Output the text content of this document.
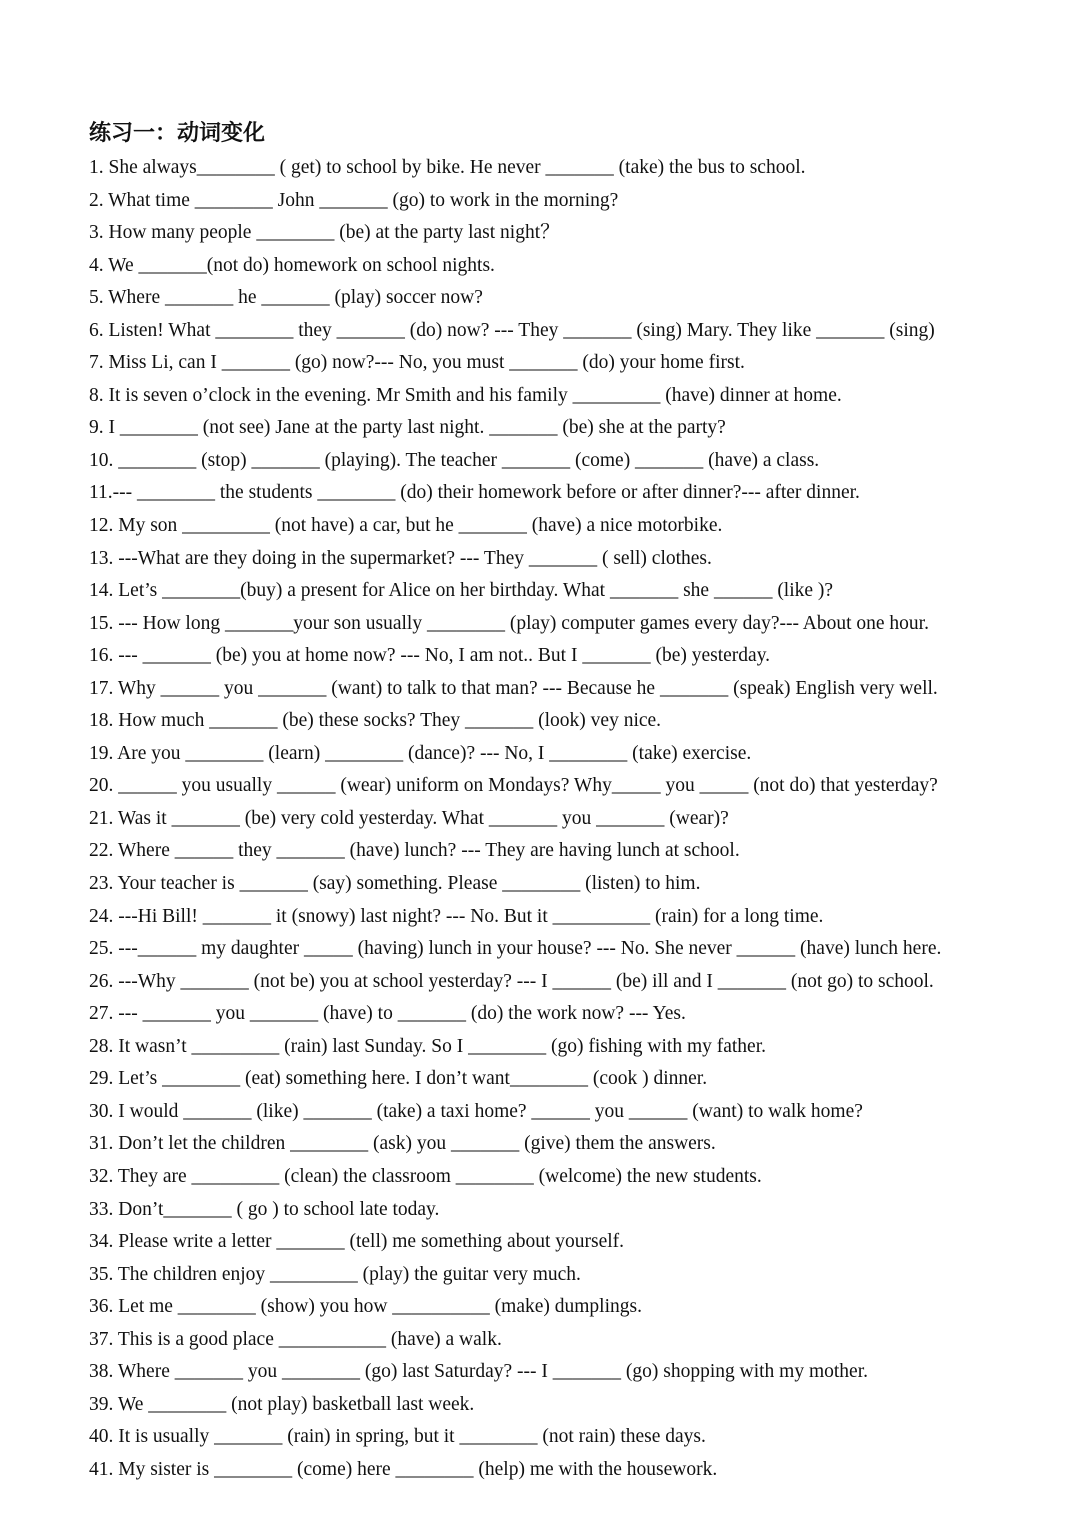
练习一：动词变化
1. She always________ ( get) to school by bike. He never _______ (take) the bus to school.
2. What time ________ John _______ (go) to work in the morning?
3. How many people ________ (be) at the party last night？
4. We _______(not do) homework on school nights.
5. Where _______ he _______ (play) soccer now?
6. Listen! What ________ they _______ (do) now? --- They _______ (sing) Mary. They like _______ (sing)
7. Miss Li, can I _______ (go) now?--- No, you must _______ (do) your home first.
8. It is seven o’clock in the evening. Mr Smith and his family _________ (have) dinner at home.
9. I ________ (not see) Jane at the party last night. _______ (be) she at the party?
10. ________ (stop) _______ (playing). The teacher _______ (come) _______ (have) a class.
11.--- ________ the students ________ (do) their homework before or after dinner?--- after dinner.
12. My son _________ (not have) a car, but he _______ (have) a nice motorbike.
13. ---What are they doing in the supermarket? --- They _______ ( sell) clothes.
14. Let’s ________(buy) a present for Alice on her birthday. What _______ she ______ (like )?
15. --- How long _______your son usually ________ (play) computer games every day?--- About one hour.
16. --- _______ (be) you at home now? --- No, I am not.. But I _______ (be) yesterday.
17. Why ______ you _______ (want) to talk to that man? --- Because he _______ (speak) English very well.
18. How much _______ (be) these socks? They _______ (look) vey nice.
19. Are you ________ (learn) ________ (dance)? --- No, I ________ (take) exercise.
20. ______ you usually ______ (wear) uniform on Mondays? Why_____ you _____ (not do) that yesterday?
21. Was it _______ (be) very cold yesterday. What _______ you _______ (wear)?
22. Where ______ they _______ (have) lunch? --- They are having lunch at school.
23. Your teacher is _______ (say) something. Please ________ (listen) to him.
24. ---Hi Bill! _______ it (snowy) last night? --- No. But it __________ (rain) for a long time.
25. ---______ my daughter _____ (having) lunch in your house? --- No. She never ______ (have) lunch here.
26. ---Why _______ (not be) you at school yesterday? --- I ______ (be) ill and I _______ (not go) to school.
27. --- _______ you _______ (have) to _______ (do) the work now? --- Yes.
28. It wasn’t _________ (rain) last Sunday. So I ________ (go) fishing with my father.
29. Let’s ________ (eat) something here. I don’t want________ (cook ) dinner.
30. I would _______ (like) _______ (take) a taxi home? ______ you ______ (want) to walk home?
31. Don’t let the children ________ (ask) you _______ (give) them the answers.
32. They are _________ (clean) the classroom ________ (welcome) the new students.
33. Don’t_______ ( go ) to school late today.
34. Please write a letter _______ (tell) me something about yourself.
35. The children enjoy _________ (play) the guitar very much.
36. Let me ________ (show) you how __________ (make) dumplings.
37. This is a good place ___________ (have) a walk.
38. Where _______ you ________ (go) last Saturday? --- I _______ (go) shopping with my mother.
39. We ________ (not play) basketball last week.
40. It is usually _______ (rain) in spring, but it ________ (not rain) these days.
41. My sister is ________ (come) here ________ (help) me with the housework.
